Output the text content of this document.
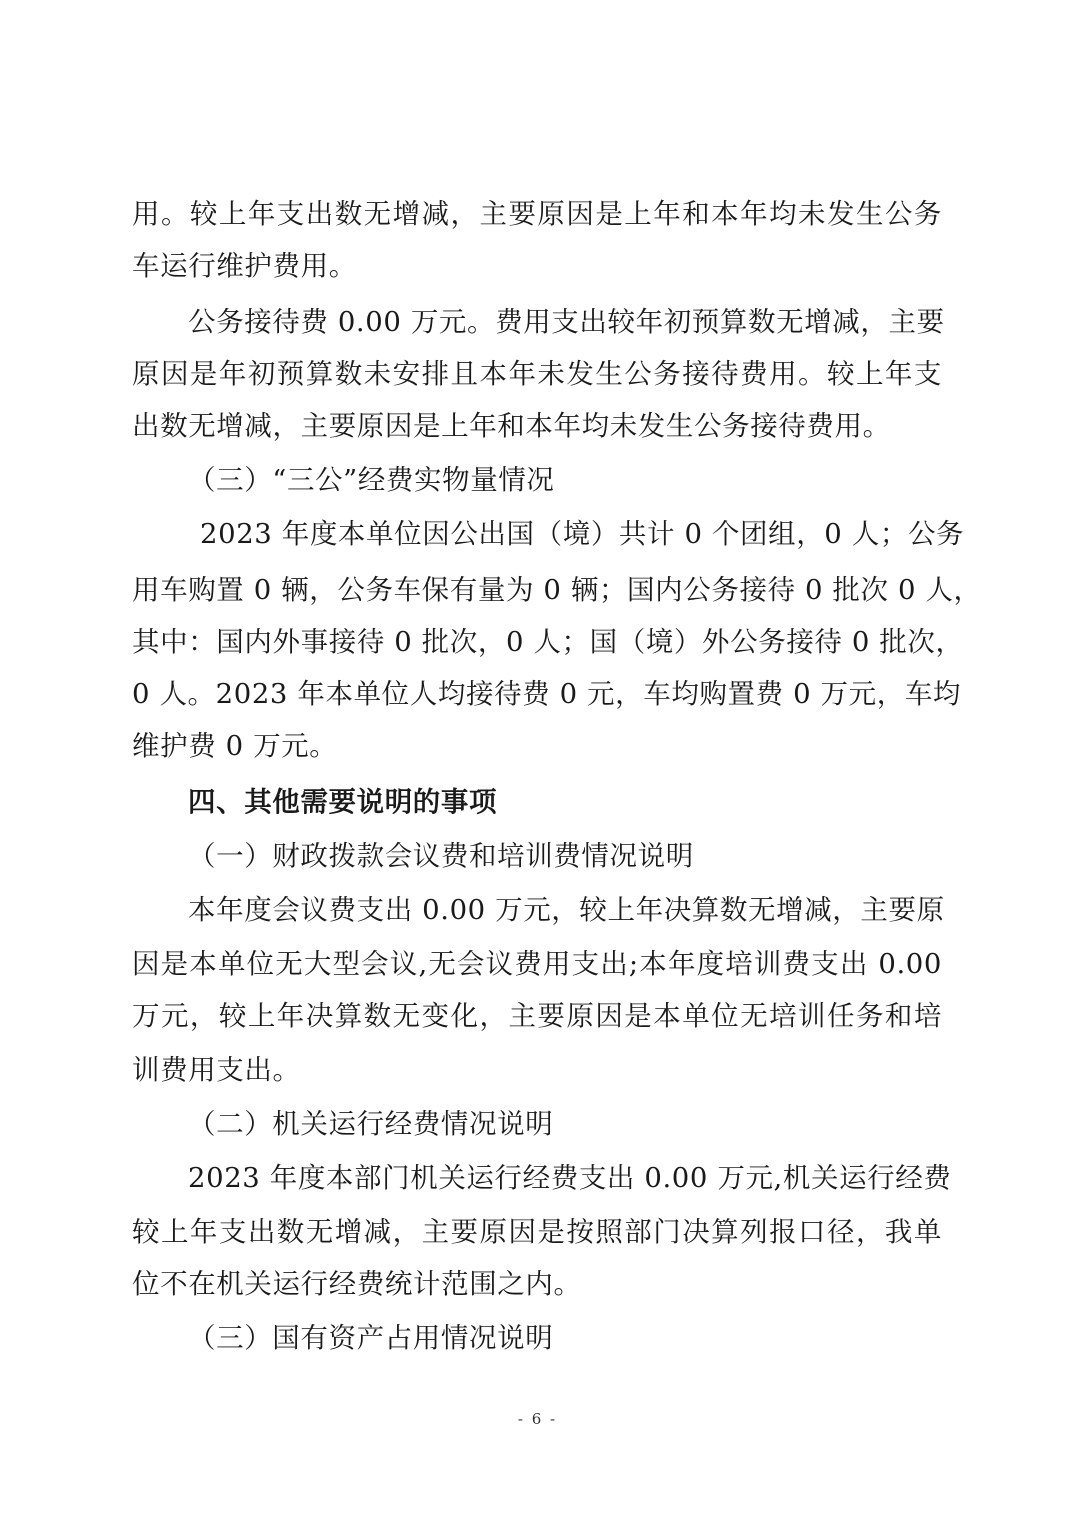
用。较上年支出数无增减，主要原因是上年和本年均未发生公务
车运行维护费用。
公务接待费 0.00 万元。费用支出较年初预算数无增减，主要
原因是年初预算数未安排且本年未发生公务接待费用。较上年支
出数无增减，主要原因是上年和本年均未发生公务接待费用。
（三）“三公”经费实物量情况
2023 年度本单位因公出国（境）共计 0 个团组，0 人；公务
用车购置 0 辆，公务车保有量为 0 辆；国内公务接待 0 批次 0 人，
其中：国内外事接待 0 批次，0 人；国（境）外公务接待 0 批次，
0 人。2023 年本单位人均接待费 0 元，车均购置费 0 万元，车均
维护费 0 万元。
四、其他需要说明的事项
（一）财政拨款会议费和培训费情况说明
本年度会议费支出 0.00 万元，较上年决算数无增减，主要原
因是本单位无大型会议,无会议费用支出;本年度培训费支出 0.00
万元，较上年决算数无变化，主要原因是本单位无培训任务和培
训费用支出。
（二）机关运行经费情况说明
2023 年度本部门机关运行经费支出 0.00 万元,机关运行经费
较上年支出数无增减，主要原因是按照部门决算列报口径，我单
位不在机关运行经费统计范围之内。
（三）国有资产占用情况说明
- 6 -
